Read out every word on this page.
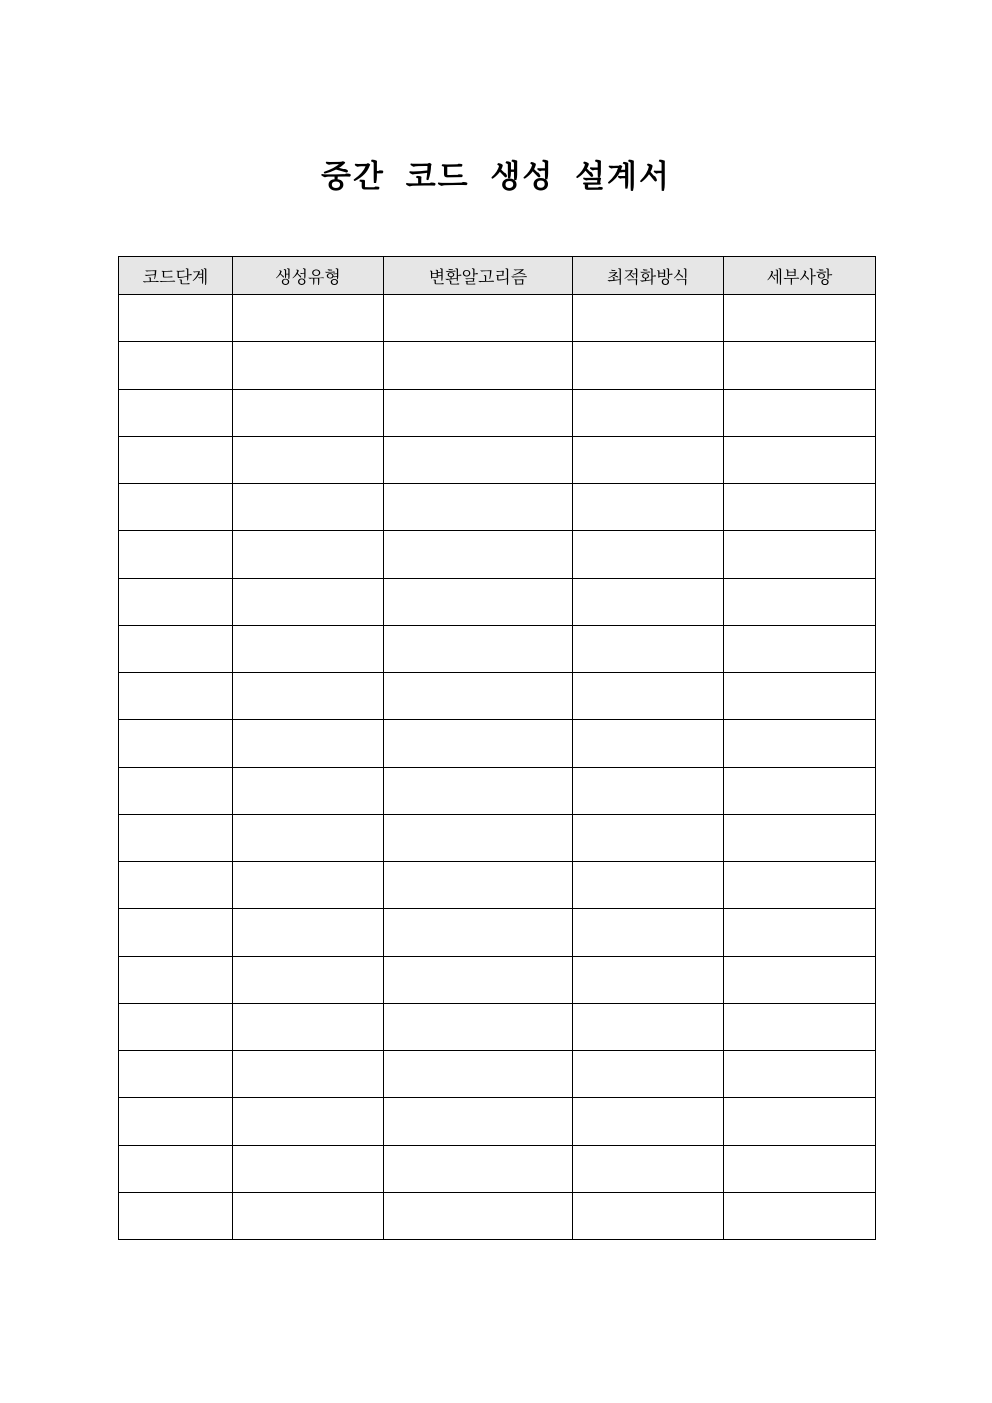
중간 코드 생성 설계서
코드단계	생성유형	변환알고리즘	최적화방식	세부사항
